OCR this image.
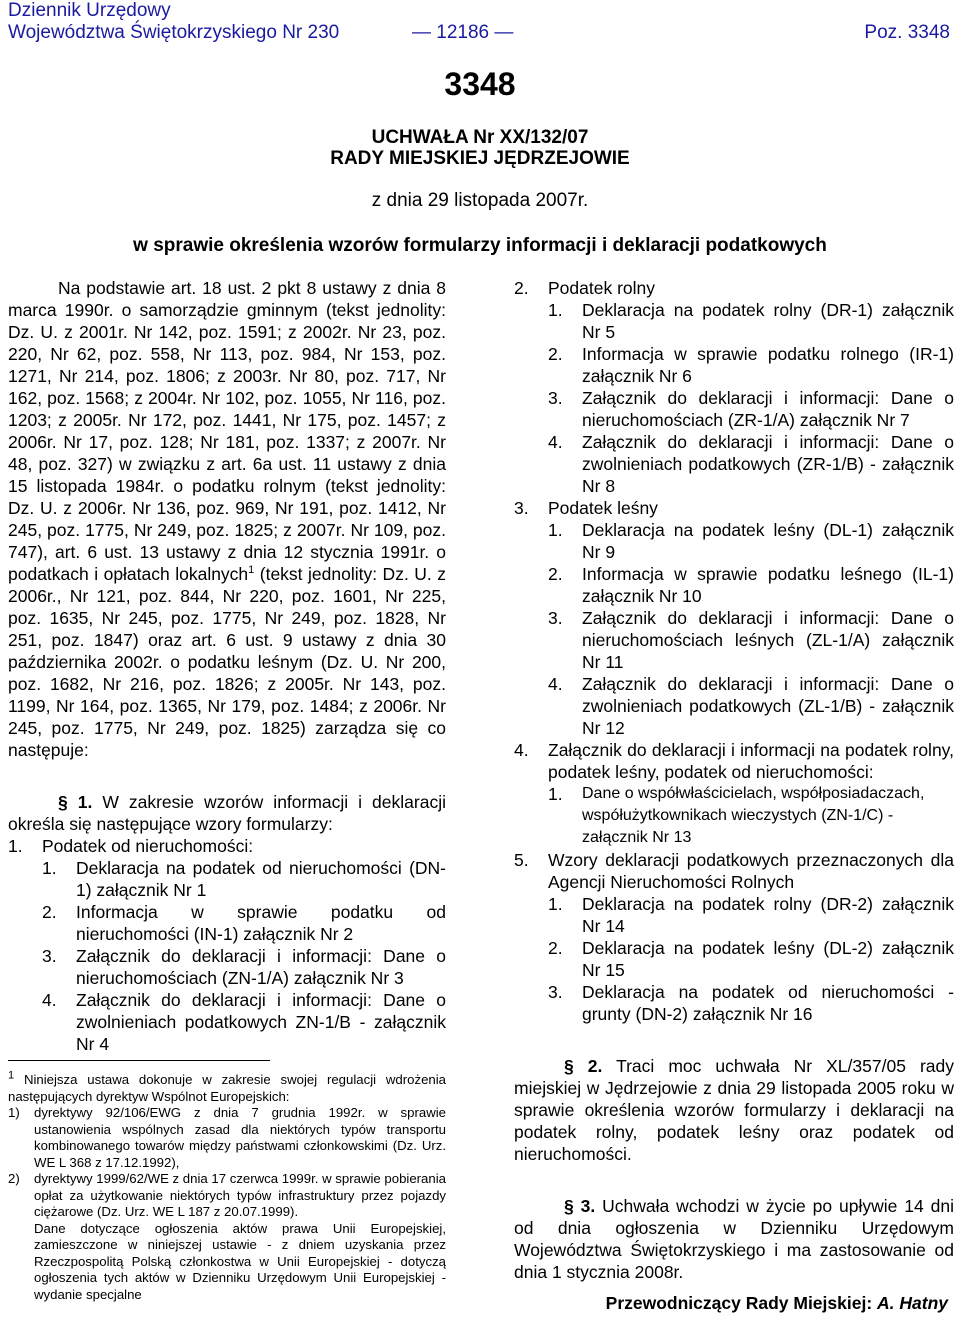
Dziennik Urzędowy
Województwa Świętokrzyskiego Nr 230	— 12186 —	Poz. 3348
3348
UCHWAŁA Nr XX/132/07
RADY MIEJSKIEJ JĘDRZEJOWIE
z dnia 29 listopada 2007r.
w sprawie określenia wzorów formularzy informacji i deklaracji podatkowych

Na podstawie art. 18 ust. 2 pkt 8 ustawy z dnia 8 marca 1990r. o samorządzie gminnym (tekst jednolity: Dz. U. z 2001r. Nr 142, poz. 1591; z 2002r. Nr 23, poz. 220, Nr 62, poz. 558, Nr 113, poz. 984, Nr 153, poz. 1271, Nr 214, poz. 1806; z 2003r. Nr 80, poz. 717, Nr 162, poz. 1568; z 2004r. Nr 102, poz. 1055, Nr 116, poz. 1203; z 2005r. Nr 172, poz. 1441, Nr 175, poz. 1457; z 2006r. Nr 17, poz. 128; Nr 181, poz. 1337; z 2007r. Nr 48, poz. 327) w związku z art. 6a ust. 11 ustawy z dnia 15 listopada 1984r. o podatku rolnym (tekst jednolity: Dz. U. z 2006r. Nr 136, poz. 969, Nr 191, poz. 1412, Nr 245, poz. 1775, Nr 249, poz. 1825; z 2007r. Nr 109, poz. 747), art. 6 ust. 13 ustawy z dnia 12 stycznia 1991r. o podatkach i opłatach lokalnych$^1$ (tekst jednolity: Dz. U. z 2006r., Nr 121, poz. 844, Nr 220, poz. 1601, Nr 225, poz. 1635, Nr 245, poz. 1775, Nr 249, poz. 1828, Nr 251, poz. 1847) oraz art. 6 ust. 9 ustawy z dnia 30 października 2002r. o podatku leśnym (Dz. U. Nr 200, poz. 1682, Nr 216, poz. 1826; z 2005r. Nr 143, poz. 1199, Nr 164, poz. 1365, Nr 179, poz. 1484; z 2006r. Nr 245, poz. 1775, Nr 249, poz. 1825) zarządza się co następuje:

§ 1. W zakresie wzorów informacji i deklaracji określa się następujące wzory formularzy:

1.	Podatek od nieruchomości:
1.	Deklaracja na podatek od nieruchomości (DN-1) załącznik Nr 1
2.	Informacja w sprawie podatku od nieruchomości (IN-1) załącznik Nr 2
3.	Załącznik do deklaracji i informacji: Dane o nieruchomościach (ZN-1/A) załącznik Nr 3
4.	Załącznik do deklaracji i informacji: Dane o zwolnieniach podatkowych ZN-1/B - załącznik Nr 4
$^1$ Niniejsza ustawa dokonuje w zakresie swojej regulacji wdrożenia następujących dyrektyw Wspólnot Europejskich:
1)	dyrektywy 92/106/EWG z dnia 7 grudnia 1992r. w sprawie ustanowienia wspólnych zasad dla niektórych typów transportu kombinowanego towarów między państwami członkowskimi (Dz. Urz. WE L 368 z 17.12.1992),
2)	dyrektywy 1999/62/WE z dnia 17 czerwca 1999r. w sprawie pobierania opłat za użytkowanie niektórych typów infrastruktury przez pojazdy ciężarowe (Dz. Urz. WE L 187 z 20.07.1999).
Dane dotyczące ogłoszenia aktów prawa Unii Europejskiej, zamieszczone w niniejszej ustawie - z dniem uzyskania przez Rzeczpospolitą Polską członkostwa w Unii Europejskiej - dotyczą ogłoszenia tych aktów w Dzienniku Urzędowym Unii Europejskiej - wydanie specjalne
2.	Podatek rolny
1.	Deklaracja na podatek rolny (DR-1) załącznik Nr 5
2.	Informacja w sprawie podatku rolnego (IR-1) załącznik Nr 6
3.	Załącznik do deklaracji i informacji: Dane o nieruchomościach (ZR-1/A) załącznik Nr 7
4.	Załącznik do deklaracji i informacji: Dane o zwolnieniach podatkowych (ZR-1/B) - załącznik Nr 8
3.	Podatek leśny
1.	Deklaracja na podatek leśny (DL-1) załącznik Nr 9
2.	Informacja w sprawie podatku leśnego (IL-1) załącznik Nr 10
3.	Załącznik do deklaracji i informacji: Dane o nieruchomościach leśnych (ZL-1/A) załącznik Nr 11
4.	Załącznik do deklaracji i informacji: Dane o zwolnieniach podatkowych (ZL-1/B) - załącznik Nr 12
4.	Załącznik do deklaracji i informacji na podatek rolny, podatek leśny, podatek od nieruchomości:
1.	Dane o współwłaścicielach, współposiadaczach, współużytkownikach wieczystych (ZN-1/C) - załącznik Nr 13
5.	Wzory deklaracji podatkowych przeznaczonych dla Agencji Nieruchomości Rolnych
1.	Deklaracja na podatek rolny (DR-2) załącznik Nr 14
2.	Deklaracja na podatek leśny (DL-2) załącznik Nr 15
3.	Deklaracja na podatek od nieruchomości - grunty (DN-2) załącznik Nr 16

§ 2. Traci moc uchwała Nr XL/357/05 rady miejskiej w Jędrzejowie z dnia 29 listopada 2005 roku w sprawie określenia wzorów formularzy i deklaracji na podatek rolny, podatek leśny oraz podatek od nieruchomości.

§ 3. Uchwała wchodzi w życie po upływie 14 dni od dnia ogłoszenia w Dzienniku Urzędowym Województwa Świętokrzyskiego i ma zastosowanie od dnia 1 stycznia 2008r.

Przewodniczący Rady Miejskiej: A. Hatny
